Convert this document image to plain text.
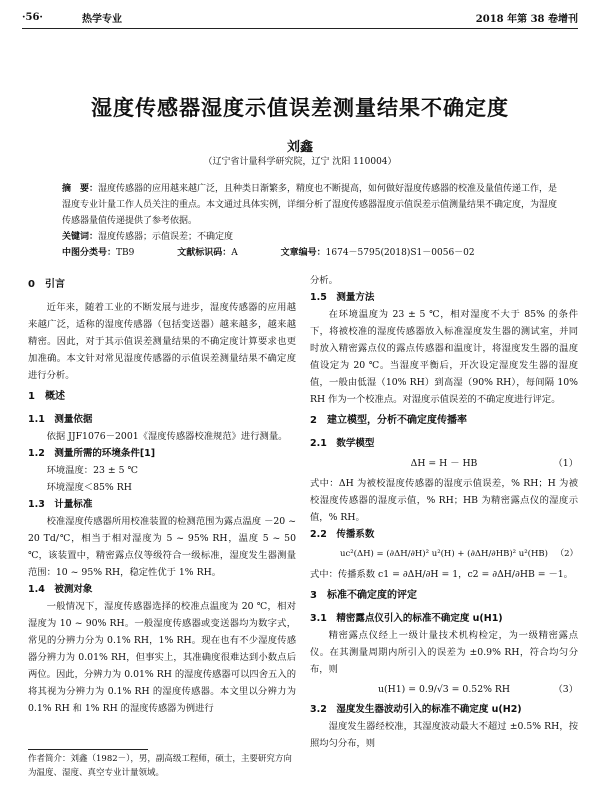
·56·	热学专业	2018 年第 38 卷增刊
湿度传感器湿度示值误差测量结果不确定度
刘鑫
（辽宁省计量科学研究院，辽宁 沈阳 110004）
摘　要：湿度传感器的应用越来越广泛，且种类日渐繁多，精度也不断提高，如何做好湿度传感器的校准及量值传递工作，是湿度专业计量工作人员关注的重点。本文通过具体实例，详细分析了湿度传感器湿度示值误差示值测量结果不确定度，为湿度传感器量值传递提供了参考依据。
关键词：湿度传感器；示值误差；不确定度
中图分类号：TB9	文献标识码：A	文章编号：1674－5795(2018)S1－0056－02
0　引言
近年来，随着工业的不断发展与进步，湿度传感器的应用越来越广泛，适称的湿度传感器（包括变送器）越来越多，越来越精密。因此，对于其示值误差测量结果的不确定度计算要求也更加准确。本文针对常见湿度传感器的示值误差测量结果不确定度进行分析。
1　概述
1.1　测量依据
依据 JJF1076－2001《湿度传感器校准规范》进行测量。
1.2　测量所需的环境条件[1]
环境温度：23 ± 5 ℃
环境湿度＜85% RH
1.3　计量标准
校准湿度传感器所用校准装置的检测范围为露点温度 －20 ~ 20 Td/℃，相当于相对湿度为 5 ~ 95% RH，温度 5 ~ 50 ℃，该装置中，精密露点仪等级符合一级标准，湿度发生器测量范围：10 ~ 95% RH，稳定性优于 1% RH。
1.4　被测对象
一般情况下，湿度传感器选择的校准点温度为 20 ℃，相对湿度为 10 ~ 90% RH。一般湿度传感器或变送器均为数字式，常见的分辨力分为 0.1% RH，1% RH。现在也有不少湿度传感器分辨力为 0.01% RH，但事实上，其准确度很难达到小数点后两位。因此，分辨力为 0.01% RH 的湿度传感器可以四舍五入的将其视为分辨力为 0.1% RH 的湿度传感器。本文里以分辨力为 0.1% RH 和 1% RH 的湿度传感器为例进行
分析。
1.5　测量方法
在环境温度为 23 ± 5 ℃，相对湿度不大于 85% 的条件下，将被校准的湿度传感器放入标准湿度发生器的测试室，并同时放入精密露点仪的露点传感器和温度计，将湿度发生器的温度值设定为 20 ℃。当湿度平衡后，开次设定湿度发生器的湿度值，一般由低湿（10% RH）到高湿（90% RH），每间隔 10% RH 作为一个校准点。对湿度示值误差的不确定度进行评定。
2　建立模型，分析不确定度传播率
2.1　数学模型
ΔH = H － HB	（1）
式中：ΔH 为被校湿度传感器的湿度示值误差，% RH；H 为被校湿度传感器的湿度示值，% RH；HB 为精密露点仪的湿度示值，% RH。
2.2　传播系数
uc²(ΔH) = (∂ΔH/∂H)² u²(H) + (∂ΔH/∂HB)² u²(HB) （2）
式中：传播系数 c1 = ∂ΔH/∂H = 1，c2 = ∂ΔH/∂HB = －1。
3　标准不确定度的评定
3.1　精密露点仪引入的标准不确定度 u(H1)
精密露点仪经上一级计量技术机构检定，为一级精密露点仪。在其测量周期内所引入的误差为 ±0.9% RH，符合均匀分布，则
u(H1) = 0.9/√3 = 0.52% RH	（3）
3.2　湿度发生器波动引入的标准不确定度 u(H2)
湿度发生器经校准，其湿度波动最大不超过 ±0.5% RH，按照均匀分布，则
作者简介：刘鑫（1982－），男，副高级工程师，硕士，主要研究方向为温度、湿度、真空专业计量领域。
